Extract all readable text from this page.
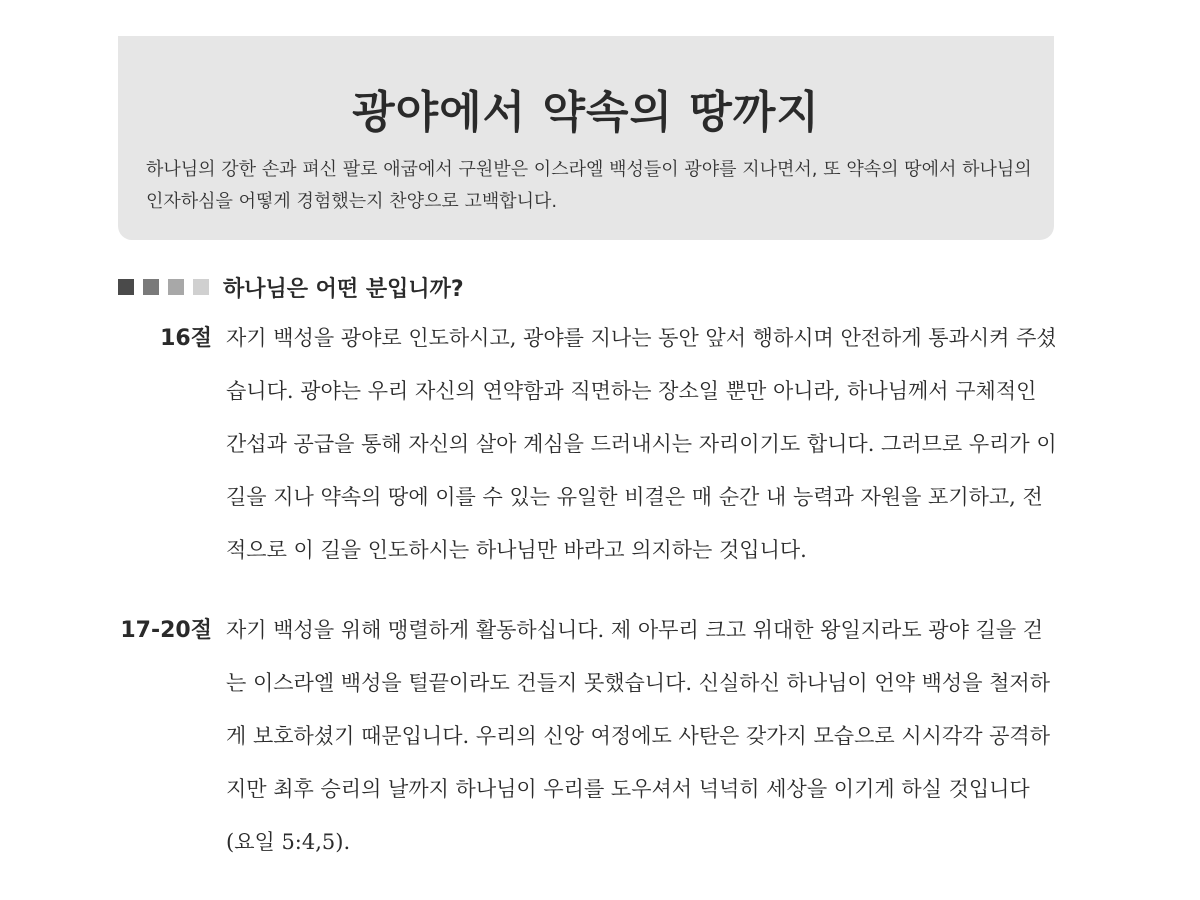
광야에서 약속의 땅까지

하나님의 강한 손과 펴신 팔로 애굽에서 구원받은 이스라엘 백성들이 광야를 지나면서, 또 약속의 땅에서 하나님의 인자하심을 어떻게 경험했는지 찬양으로 고백합니다.

하나님은 어떤 분입니까?
16절 자기 백성을 광야로 인도하시고, 광야를 지나는 동안 앞서 행하시며 안전하게 통과시켜 주셨습니다. 광야는 우리 자신의 연약함과 직면하는 장소일 뿐만 아니라, 하나님께서 구체적인 간섭과 공급을 통해 자신의 살아 계심을 드러내시는 자리이기도 합니다. 그러므로 우리가 이 길을 지나 약속의 땅에 이를 수 있는 유일한 비결은 매 순간 내 능력과 자원을 포기하고, 전적으로 이 길을 인도하시는 하나님만 바라고 의지하는 것입니다.

17-20절 자기 백성을 위해 맹렬하게 활동하십니다. 제 아무리 크고 위대한 왕일지라도 광야 길을 걷는 이스라엘 백성을 털끝이라도 건들지 못했습니다. 신실하신 하나님이 언약 백성을 철저하게 보호하셨기 때문입니다. 우리의 신앙 여정에도 사탄은 갖가지 모습으로 시시각각 공격하지만 최후 승리의 날까지 하나님이 우리를 도우셔서 넉넉히 세상을 이기게 하실 것입니다(요일 5:4,5).
